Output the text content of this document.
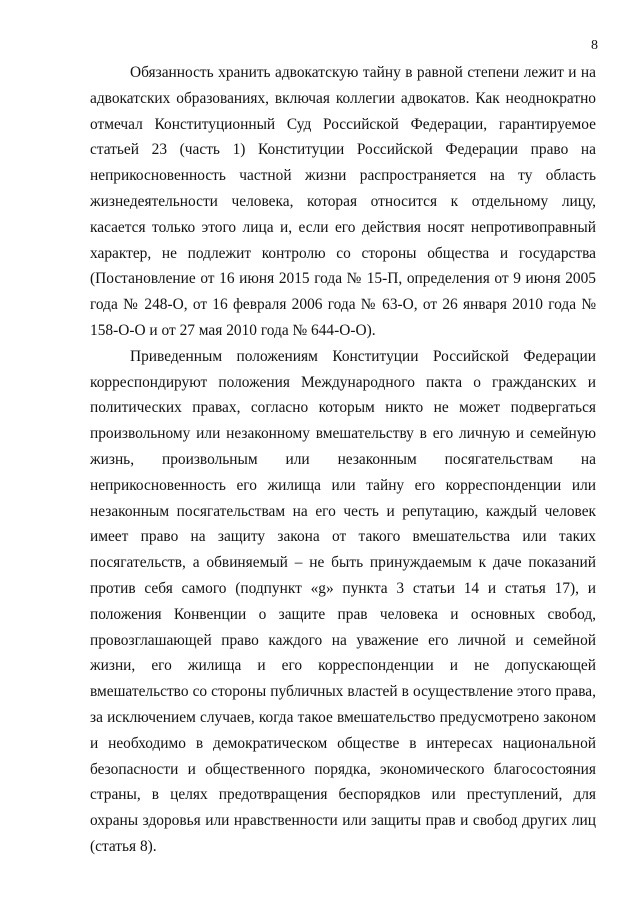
8

Обязанность хранить адвокатскую тайну в равной степени лежит и на адвокатских образованиях, включая коллегии адвокатов. Как неоднократно отмечал Конституционный Суд Российской Федерации, гарантируемое статьей 23 (часть 1) Конституции Российской Федерации право на неприкосновенность частной жизни распространяется на ту область жизнедеятельности человека, которая относится к отдельному лицу, касается только этого лица и, если его действия носят непротивоправный характер, не подлежит контролю со стороны общества и государства (Постановление от 16 июня 2015 года № 15-П, определения от 9 июня 2005 года № 248-О, от 16 февраля 2006 года № 63-О, от 26 января 2010 года № 158-О-О и от 27 мая 2010 года № 644-О-О).

Приведенным положениям Конституции Российской Федерации корреспондируют положения Международного пакта о гражданских и политических правах, согласно которым никто не может подвергаться произвольному или незаконному вмешательству в его личную и семейную жизнь, произвольным или незаконным посягательствам на неприкосновенность его жилища или тайну его корреспонденции или незаконным посягательствам на его честь и репутацию, каждый человек имеет право на защиту закона от такого вмешательства или таких посягательств, а обвиняемый – не быть принуждаемым к даче показаний против себя самого (подпункт «g» пункта 3 статьи 14 и статья 17), и положения Конвенции о защите прав человека и основных свобод, провозглашающей право каждого на уважение его личной и семейной жизни, его жилища и его корреспонденции и не допускающей вмешательство со стороны публичных властей в осуществление этого права, за исключением случаев, когда такое вмешательство предусмотрено законом и необходимо в демократическом обществе в интересах национальной безопасности и общественного порядка, экономического благосостояния страны, в целях предотвращения беспорядков или преступлений, для охраны здоровья или нравственности или защиты прав и свобод других лиц (статья 8).
